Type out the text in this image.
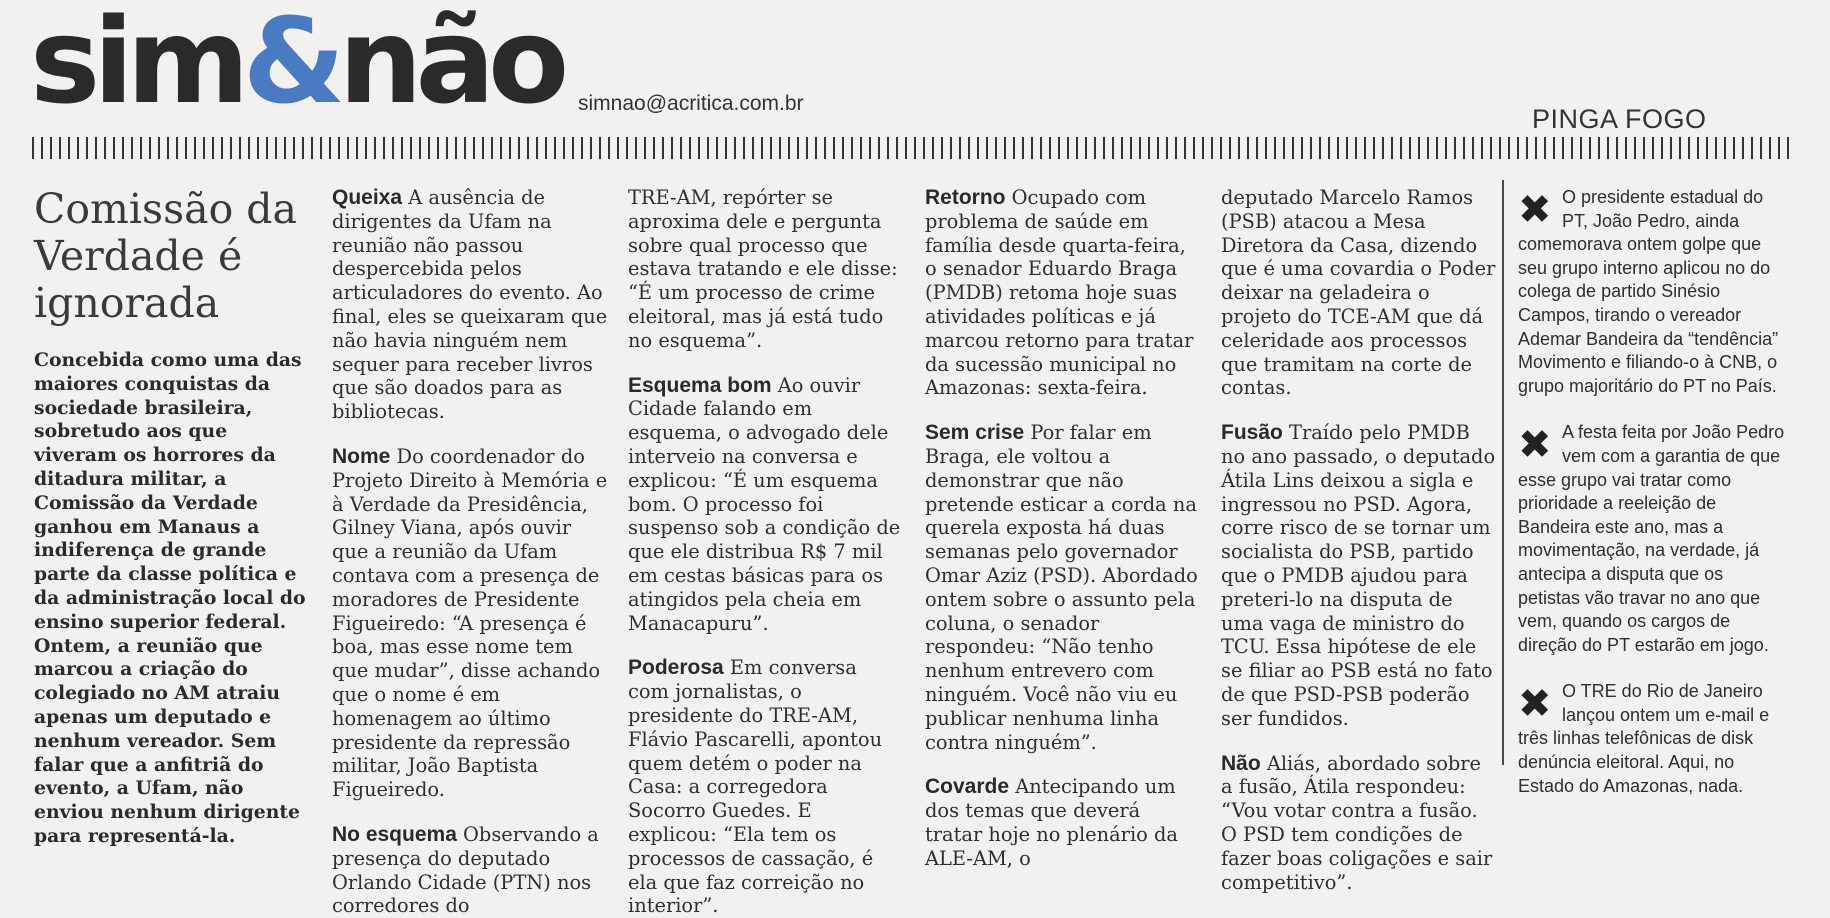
sim&não simnao@acritica.com.br
PINGA FOGO
Comissão da Verdade é ignorada

Concebida como uma das maiores conquistas da sociedade brasileira, sobretudo aos que viveram os horrores da ditadura militar, a Comissão da Verdade ganhou em Manaus a indiferença de grande parte da classe política e da administração local do ensino superior federal. Ontem, a reunião que marcou a criação do colegiado no AM atraiu apenas um deputado e nenhum vereador. Sem falar que a anfitriã do evento, a Ufam, não enviou nenhum dirigente para representá-la.

Queixa A ausência de dirigentes da Ufam na reunião não passou despercebida pelos articuladores do evento. Ao final, eles se queixaram que não havia ninguém nem sequer para receber livros que são doados para as bibliotecas.

Nome Do coordenador do Projeto Direito à Memória e à Verdade da Presidência, Gilney Viana, após ouvir que a reunião da Ufam contava com a presença de moradores de Presidente Figueiredo: “A presença é boa, mas esse nome tem que mudar”, disse achando que o nome é em homenagem ao último presidente da repressão militar, João Baptista Figueiredo.

No esquema Observando a presença do deputado Orlando Cidade (PTN) nos corredores do

TRE-AM, repórter se aproxima dele e pergunta sobre qual processo que estava tratando e ele disse: “É um processo de crime eleitoral, mas já está tudo no esquema”.

Esquema bom Ao ouvir Cidade falando em esquema, o advogado dele interveio na conversa e explicou: “É um esquema bom. O processo foi suspenso sob a condição de que ele distribua R$ 7 mil em cestas básicas para os atingidos pela cheia em Manacapuru”.

Poderosa Em conversa com jornalistas, o presidente do TRE-AM, Flávio Pascarelli, apontou quem detém o poder na Casa: a corregedora Socorro Guedes. E explicou: “Ela tem os processos de cassação, é ela que faz correição no interior”.

Retorno Ocupado com problema de saúde em família desde quarta-feira, o senador Eduardo Braga (PMDB) retoma hoje suas atividades políticas e já marcou retorno para tratar da sucessão municipal no Amazonas: sexta-feira.

Sem crise Por falar em Braga, ele voltou a demonstrar que não pretende esticar a corda na querela exposta há duas semanas pelo governador Omar Aziz (PSD). Abordado ontem sobre o assunto pela coluna, o senador respondeu: “Não tenho nenhum entrevero com ninguém. Você não viu eu publicar nenhuma linha contra ninguém”.

Covarde Antecipando um dos temas que deverá tratar hoje no plenário da ALE-AM, o

deputado Marcelo Ramos (PSB) atacou a Mesa Diretora da Casa, dizendo que é uma covardia o Poder deixar na geladeira o projeto do TCE-AM que dá celeridade aos processos que tramitam na corte de contas.

Fusão Traído pelo PMDB no ano passado, o deputado Átila Lins deixou a sigla e ingressou no PSD. Agora, corre risco de se tornar um socialista do PSB, partido que o PMDB ajudou para preteri-lo na disputa de uma vaga de ministro do TCU. Essa hipótese de ele se filiar ao PSB está no fato de que PSD-PSB poderão ser fundidos.

Não Aliás, abordado sobre a fusão, Átila respondeu: “Vou votar contra a fusão. O PSD tem condições de fazer boas coligações e sair competitivo”.

✖ O presidente estadual do PT, João Pedro, ainda comemorava ontem golpe que seu grupo interno aplicou no do colega de partido Sinésio Campos, tirando o vereador Ademar Bandeira da “tendência” Movimento e filiando-o à CNB, o grupo majoritário do PT no País.

✖ A festa feita por João Pedro vem com a garantia de que esse grupo vai tratar como prioridade a reeleição de Bandeira este ano, mas a movimentação, na verdade, já antecipa a disputa que os petistas vão travar no ano que vem, quando os cargos de direção do PT estarão em jogo.

✖ O TRE do Rio de Janeiro lançou ontem um e-mail e três linhas telefônicas de disk denúncia eleitoral. Aqui, no Estado do Amazonas, nada.
